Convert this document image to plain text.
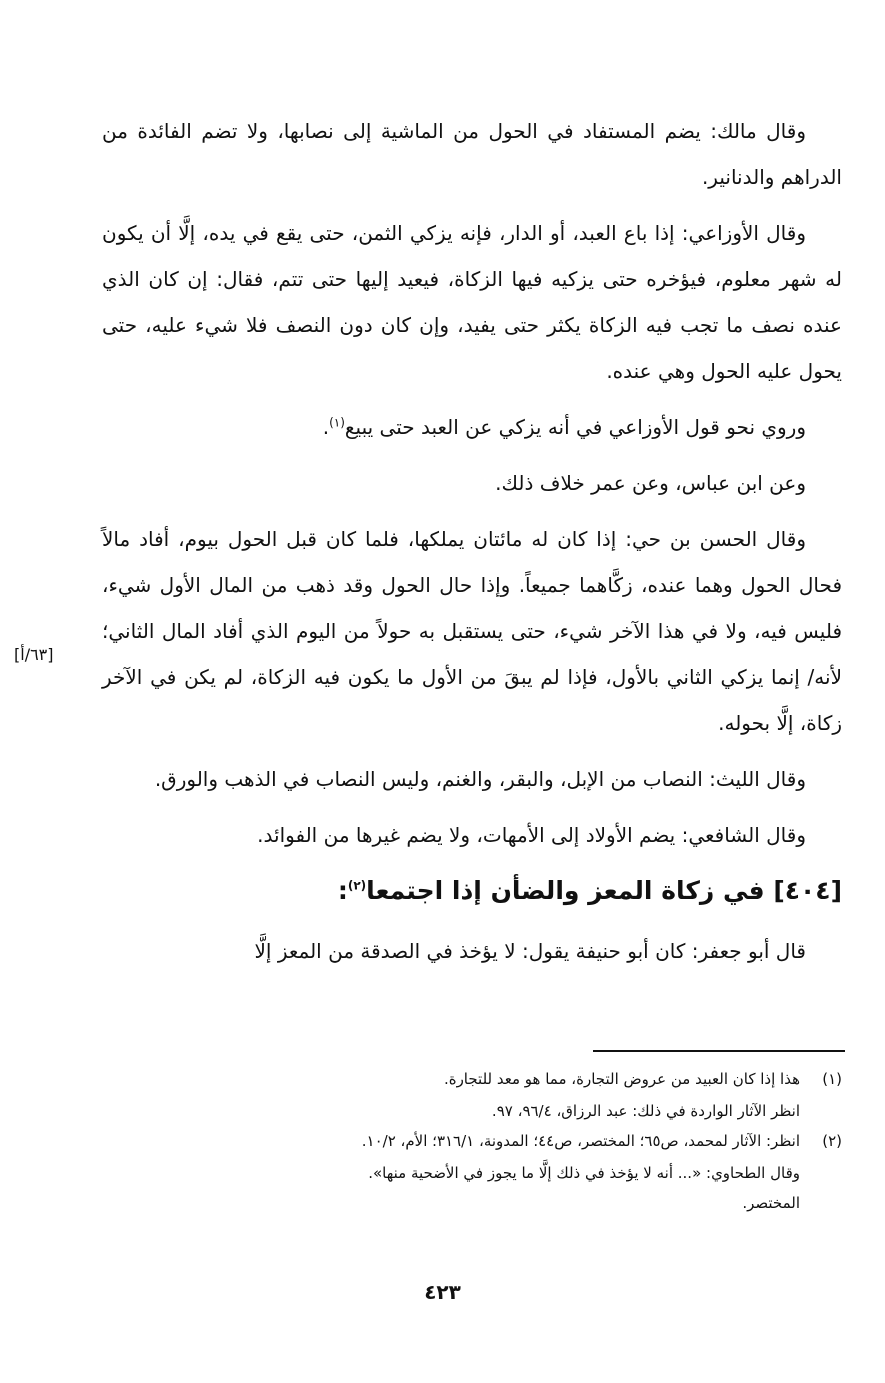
وقال مالك: يضم المستفاد في الحول من الماشية إلى نصابها، ولا تضم الفائدة من الدراهم والدنانير.

وقال الأوزاعي: إذا باع العبد، أو الدار، فإنه يزكي الثمن، حتى يقع في يده، إلَّا أن يكون له شهر معلوم، فيؤخره حتى يزكيه فيها الزكاة، فيعيد إليها حتى تتم، فقال: إن كان الذي عنده نصف ما تجب فيه الزكاة يكثر حتى يفيد، وإن كان دون النصف فلا شيء عليه، حتى يحول عليه الحول وهي عنده.

وروي نحو قول الأوزاعي في أنه يزكي عن العبد حتى يبيع$^{(١)}$.

وعن ابن عباس، وعن عمر خلاف ذلك.

وقال الحسن بن حي: إذا كان له مائتان يملكها، فلما كان قبل الحول بيوم، أفاد مالاً فحال الحول وهما عنده، زكَّاهما جميعاً. وإذا حال الحول وقد ذهب من المال الأول شيء، فليس فيه، ولا في هذا الآخر شيء، حتى يستقبل به حولاً من اليوم الذي أفاد المال الثاني؛ لأنه/ إنما يزكي الثاني بالأول، فإذا لم يبقَ من الأول ما يكون فيه الزكاة، لم يكن في الآخر زكاة، إلَّا بحوله.

وقال الليث: النصاب من الإبل، والبقر، والغنم، وليس النصاب في الذهب والورق.

وقال الشافعي: يضم الأولاد إلى الأمهات، ولا يضم غيرها من الفوائد.

[٤٠٤] في زكاة المعز والضأن إذا اجتمعا$^{(٢)}$:

قال أبو جعفر: كان أبو حنيفة يقول: لا يؤخذ في الصدقة من المعز إلَّا

[٦٣/أ]

(١)هذا إذا كان العبيد من عروض التجارة، مما هو معد للتجارة.

انظر الآثار الواردة في ذلك: عبد الرزاق، ٩٦/٤، ٩٧.

(٢)انظر: الآثار لمحمد، ص٦٥؛ المختصر، ص٤٤؛ المدونة، ٣١٦/١؛ الأم، ١٠/٢.

وقال الطحاوي: «... أنه لا يؤخذ في ذلك إلَّا ما يجوز في الأضحية منها».

المختصر.

٤٢٣
